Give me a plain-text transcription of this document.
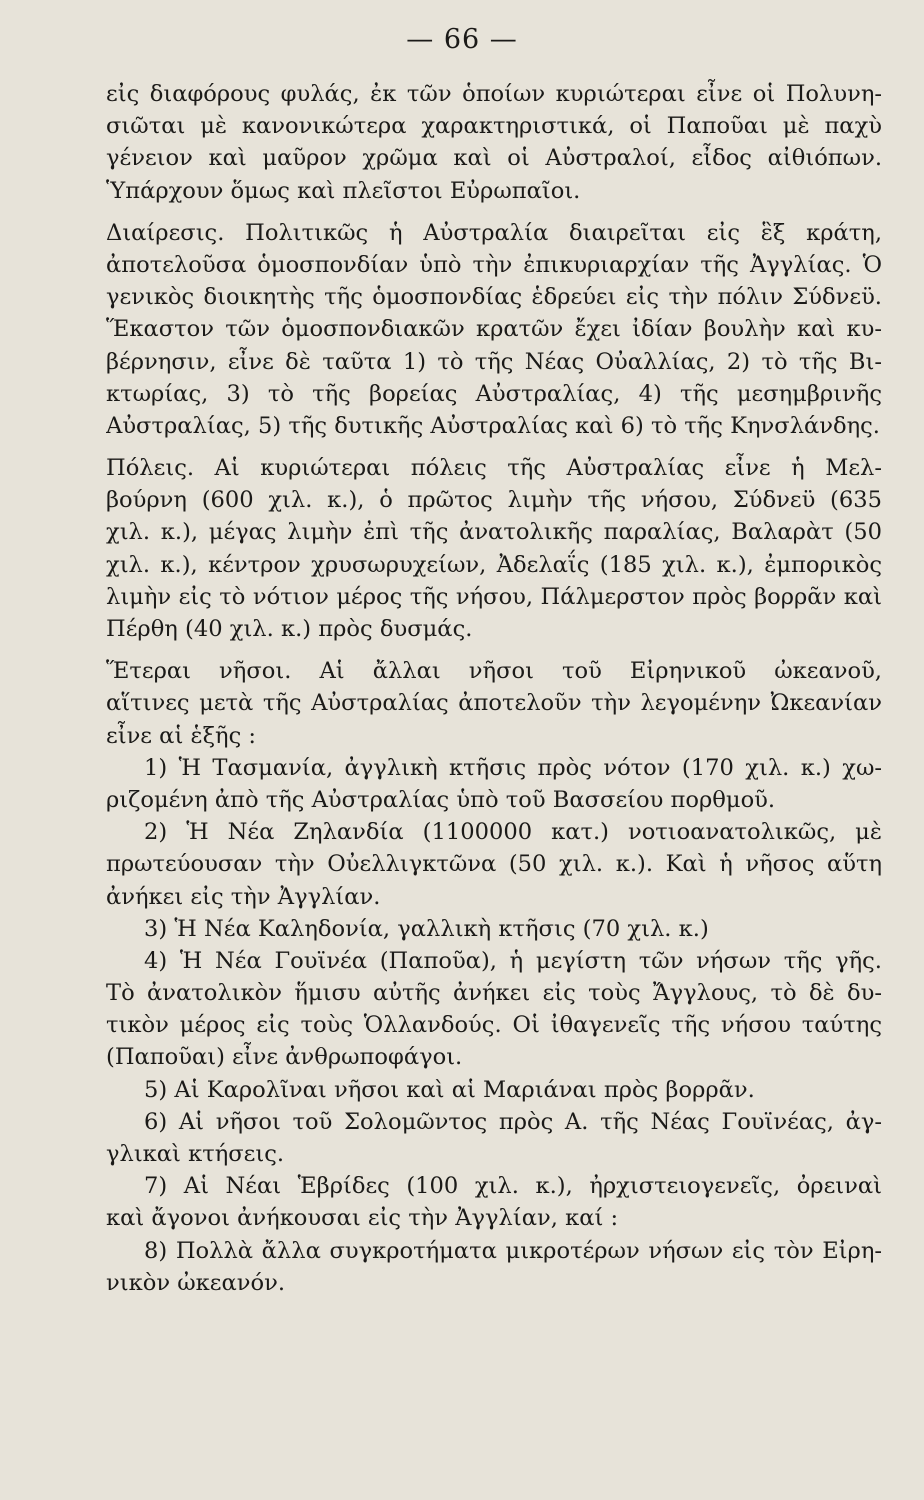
— 66 —
εἰς διαφόρους φυλάς, ἐκ τῶν ὁποίων κυριώτεραι εἶνε οἱ Πολυνη-
σιῶται μὲ κανονικώτερα χαρακτηριστικά, οἱ Παποῦαι μὲ παχὺ
γένειον καὶ μαῦρον χρῶμα καὶ οἱ Αὐστραλοί, εἶδος αἰθιόπων.
Ὑπάρχουν ὅμως καὶ πλεῖστοι Εὐρωπαῖοι.
Διαίρεσις. Πολιτικῶς ἡ Αὐστραλία διαιρεῖται εἰς ἓξ κράτη,
ἀποτελοῦσα ὁμοσπονδίαν ὑπὸ τὴν ἐπικυριαρχίαν τῆς Ἀγγλίας. Ὁ
γενικὸς διοικητὴς τῆς ὁμοσπονδίας ἑδρεύει εἰς τὴν πόλιν Σύδνεϋ.
Ἕκαστον τῶν ὁμοσπονδιακῶν κρατῶν ἔχει ἰδίαν βουλὴν καὶ κυ-
βέρνησιν, εἶνε δὲ ταῦτα 1) τὸ τῆς Νέας Οὐαλλίας, 2) τὸ τῆς Βι-
κτωρίας, 3) τὸ τῆς βορείας Αὐστραλίας, 4) τῆς μεσημβρινῆς
Αὐστραλίας, 5) τῆς δυτικῆς Αὐστραλίας καὶ 6) τὸ τῆς Κηνσλάνδης.
Πόλεις. Αἱ κυριώτεραι πόλεις τῆς Αὐστραλίας εἶνε ἡ Μελ-
βούρνη (600 χιλ. κ.), ὁ πρῶτος λιμὴν τῆς νήσου, Σύδνεϋ (635
χιλ. κ.), μέγας λιμὴν ἐπὶ τῆς ἀνατολικῆς παραλίας, Βαλαρὰτ (50
χιλ. κ.), κέντρον χρυσωρυχείων, Ἀδελαΐς (185 χιλ. κ.), ἐμπορικὸς
λιμὴν εἰς τὸ νότιον μέρος τῆς νήσου, Πάλμερστον πρὸς βορρᾶν καὶ
Πέρθη (40 χιλ. κ.) πρὸς δυσμάς.
Ἕτεραι νῆσοι. Αἱ ἄλλαι νῆσοι τοῦ Εἰρηνικοῦ ὠκεανοῦ,
αἵτινες μετὰ τῆς Αὐστραλίας ἀποτελοῦν τὴν λεγομένην Ὠκεανίαν
εἶνε αἱ ἑξῆς :
1) Ἡ Τασμανία, ἀγγλικὴ κτῆσις πρὸς νότον (170 χιλ. κ.) χω-
ριζομένη ἀπὸ τῆς Αὐστραλίας ὑπὸ τοῦ Βασσείου πορθμοῦ.
2) Ἡ Νέα Ζηλανδία (1100000 κατ.) νοτιοανατολικῶς, μὲ
πρωτεύουσαν τὴν Οὐελλιγκτῶνα (50 χιλ. κ.). Καὶ ἡ νῆσος αὕτη
ἀνήκει εἰς τὴν Ἀγγλίαν.
3) Ἡ Νέα Καληδονία, γαλλικὴ κτῆσις (70 χιλ. κ.)
4) Ἡ Νέα Γουϊνέα (Παποῦα), ἡ μεγίστη τῶν νήσων τῆς γῆς.
Τὸ ἀνατολικὸν ἥμισυ αὐτῆς ἀνήκει εἰς τοὺς Ἄγγλους, τὸ δὲ δυ-
τικὸν μέρος εἰς τοὺς Ὁλλανδούς. Οἱ ἰθαγενεῖς τῆς νήσου ταύτης
(Παποῦαι) εἶνε ἀνθρωποφάγοι.
5) Αἱ Καρολῖναι νῆσοι καὶ αἱ Μαριάναι πρὸς βορρᾶν.
6) Αἱ νῆσοι τοῦ Σολομῶντος πρὸς Α. τῆς Νέας Γουϊνέας, ἀγ-
γλικαὶ κτήσεις.
7) Αἱ Νέαι Ἑβρίδες (100 χιλ. κ.), ἠρχιστειογενεῖς, ὀρειναὶ
καὶ ἄγονοι ἀνήκουσαι εἰς τὴν Ἀγγλίαν, καί :
8) Πολλὰ ἄλλα συγκροτήματα μικροτέρων νήσων εἰς τὸν Εἰρη-
νικὸν ὠκεανόν.
